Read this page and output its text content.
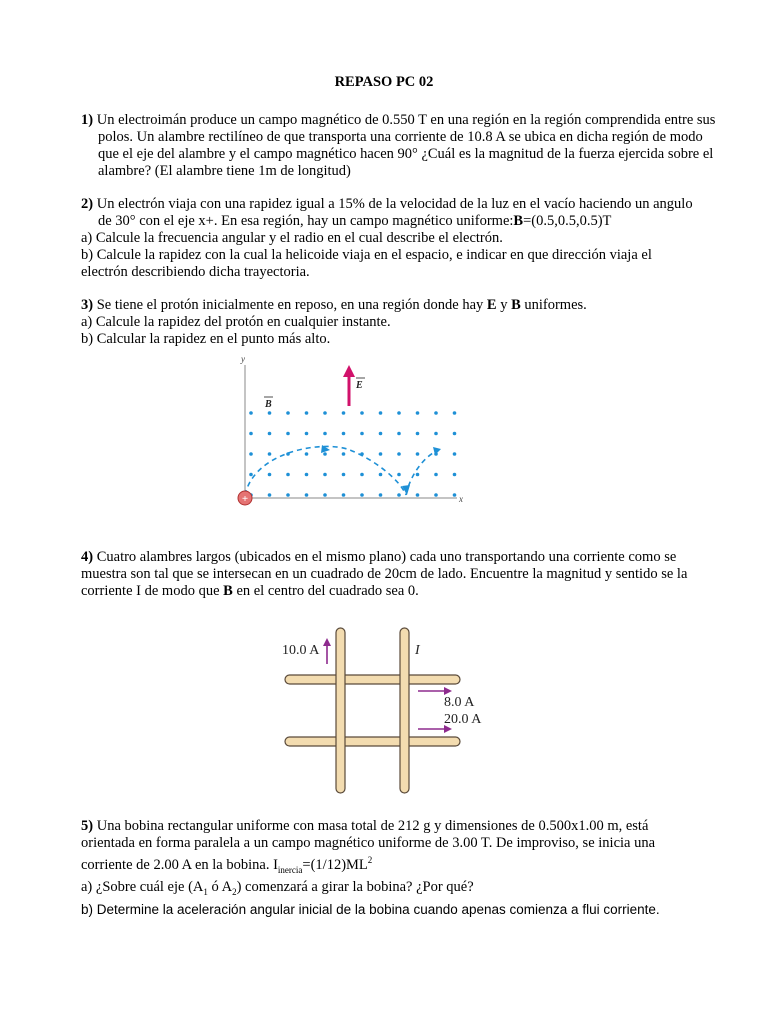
REPASO PC 02
1) Un electroimán produce un campo magnético de 0.550 T en una región en la región comprendida entre sus polos. Un alambre rectilíneo de que transporta una corriente de 10.8 A se ubica en dicha región de modo que el eje del alambre y el campo magnético hacen 90° ¿Cuál es la magnitud de la fuerza ejercida sobre el alambre? (El alambre tiene 1m de longitud)
2) Un electrón viaja con una rapidez igual a 15% de la velocidad de la luz en el vacío haciendo un angulo de 30° con el eje x+. En esa región, hay un campo magnético uniforme:B=(0.5,0.5,0.5)T
a) Calcule la frecuencia angular y el radio en el cual describe el electrón.
b) Calcule la rapidez con la cual la helicoide viaja en el espacio, e indicar en que dirección viaja el electrón describiendo dicha trayectoria.
3) Se tiene el protón inicialmente en reposo, en una región donde hay E y B uniformes.
a) Calcule la rapidez del protón en cualquier instante.
b) Calcular la rapidez en el punto más alto.
y
x
E
B
+
4) Cuatro alambres largos (ubicados en el mismo plano) cada uno transportando una corriente como se muestra son tal que se intersecan en un cuadrado de 20cm de lado. Encuentre la magnitud y sentido se la corriente I de modo que B en el centro del cuadrado sea 0.
10.0 A	I
8.0 A
20.0 A
5) Una bobina rectangular uniforme con masa total de 212 g y dimensiones de 0.500x1.00 m, está orientada en forma paralela a un campo magnético uniforme de 3.00 T. De improviso, se inicia una corriente de 2.00 A en la bobina. $I_{inercia}=(1/12)ML^2$
a) ¿Sobre cuál eje ($A_1$ ó $A_2$) comenzará a girar la bobina? ¿Por qué?
b) Determine la aceleración angular inicial de la bobina cuando apenas comienza a flui corriente.
